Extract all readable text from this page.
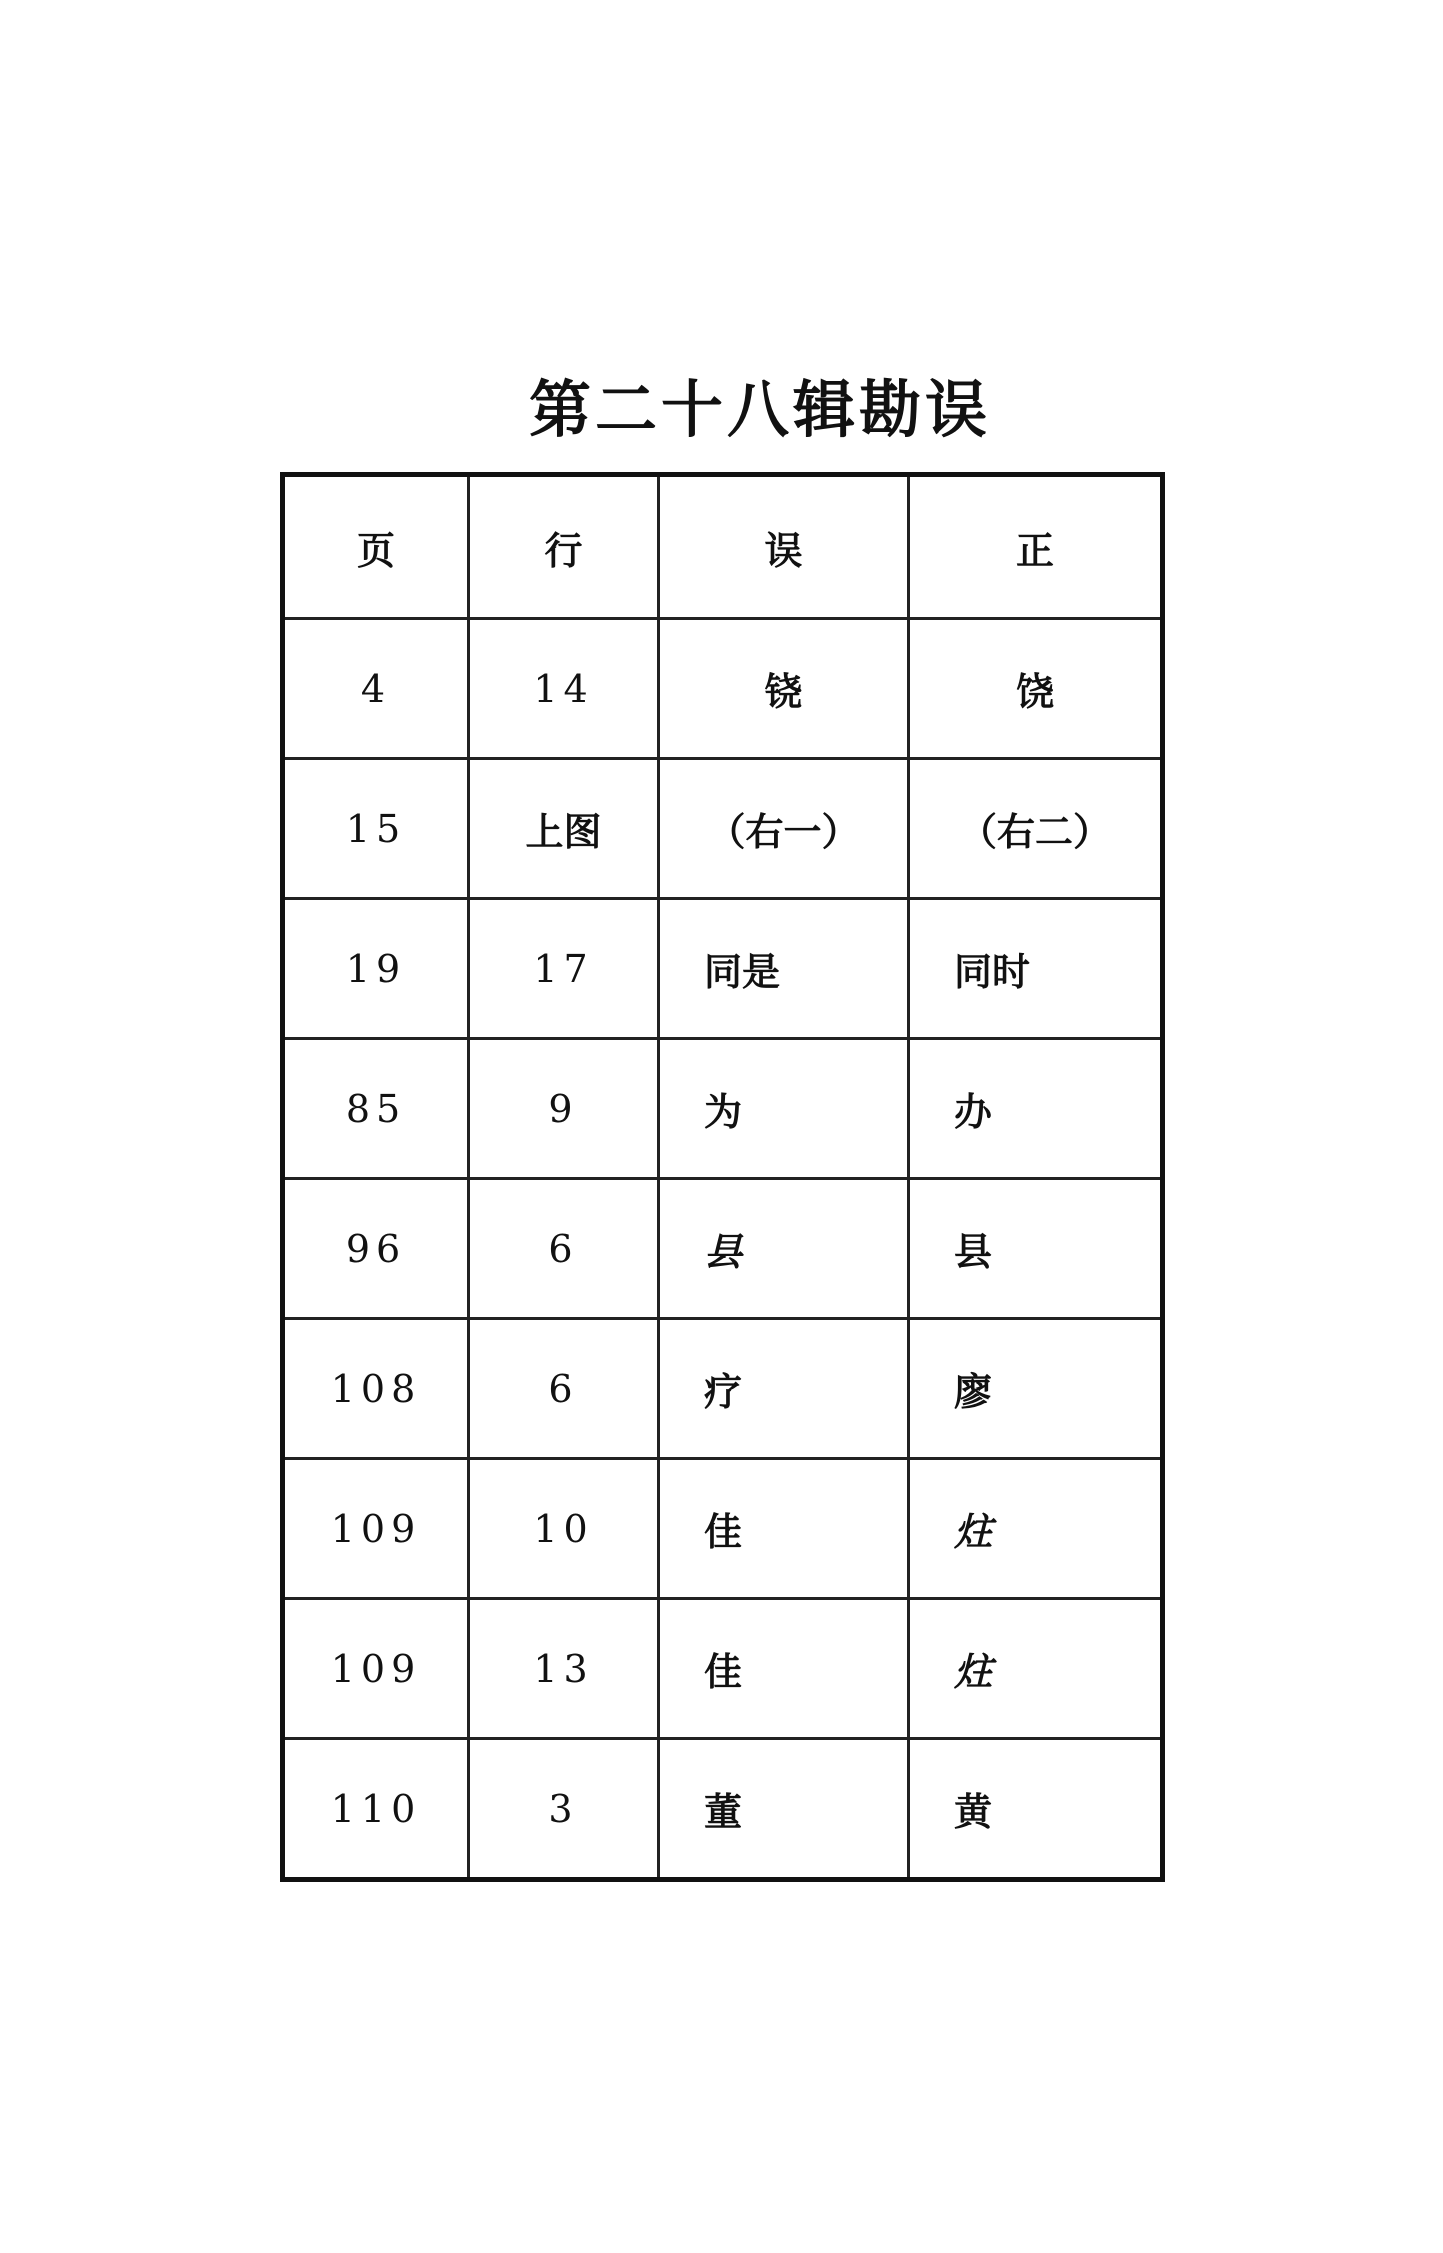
第二十八辑勘误
页	行	误	正
4	14	铙	饶
15	上图	（右一）	（右二）
19	17	同是	同时
85	9	为	办
96	6	县	县
108	6	疗	廖
109	10	佳	炷
109	13	佳	炷
110	3	董	黄
